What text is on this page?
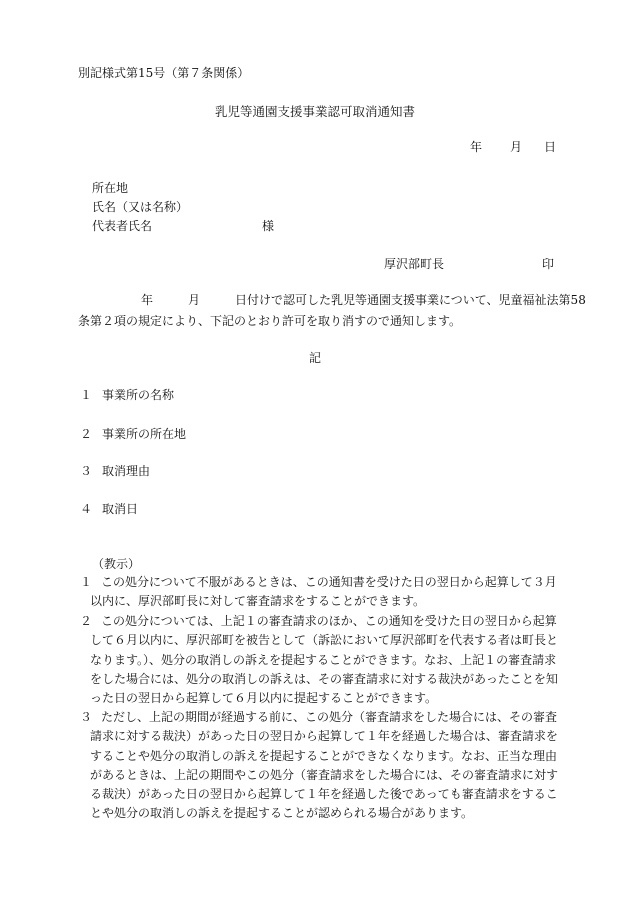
別記様式第15号（第７条関係）
乳児等通園支援事業認可取消通知書
年 月 日
所在地
氏名（又は名称）
代表者氏名	様
厚沢部町長	印
年	月	日付けで認可した乳児等通園支援事業について、児童福祉法第58
条第２項の規定により、下記のとおり許可を取り消すので通知します。
記
１ 事業所の名称
２ 事業所の所在地
３ 取消理由
４ 取消日
（教示）
１ この処分について不服があるときは、この通知書を受けた日の翌日から起算して３月
以内に、厚沢部町長に対して審査請求をすることができます。
２ この処分については、上記１の審査請求のほか、この通知を受けた日の翌日から起算
して６月以内に、厚沢部町を被告として（訴訟において厚沢部町を代表する者は町長と
なります。）、処分の取消しの訴えを提起することができます。なお、上記１の審査請求
をした場合には、処分の取消しの訴えは、その審査請求に対する裁決があったことを知
った日の翌日から起算して６月以内に提起することができます。
３ ただし、上記の期間が経過する前に、この処分（審査請求をした場合には、その審査
請求に対する裁決）があった日の翌日から起算して１年を経過した場合は、審査請求を
することや処分の取消しの訴えを提起することができなくなります。なお、正当な理由
があるときは、上記の期間やこの処分（審査請求をした場合には、その審査請求に対す
る裁決）があった日の翌日から起算して１年を経過した後であっても審査請求をするこ
とや処分の取消しの訴えを提起することが認められる場合があります。
